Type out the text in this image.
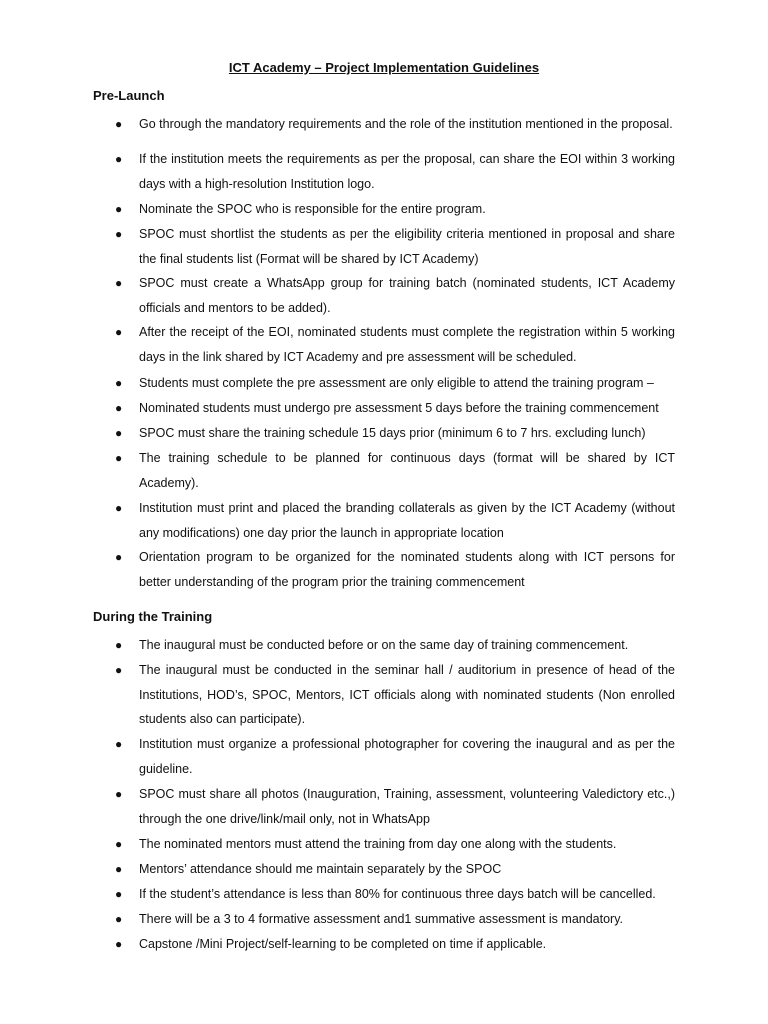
ICT Academy – Project Implementation Guidelines
Pre-Launch
● Go through the mandatory requirements and the role of the institution mentioned in the proposal.
● If the institution meets the requirements as per the proposal, can share the EOI within 3 working days with a high-resolution Institution logo.
● Nominate the SPOC who is responsible for the entire program.
● SPOC must shortlist the students as per the eligibility criteria mentioned in proposal and share the final students list (Format will be shared by ICT Academy)
● SPOC must create a WhatsApp group for training batch (nominated students, ICT Academy officials and mentors to be added).
● After the receipt of the EOI, nominated students must complete the registration within 5 working days in the link shared by ICT Academy and pre assessment will be scheduled.
● Students must complete the pre assessment are only eligible to attend the training program –
● Nominated students must undergo pre assessment 5 days before the training commencement
● SPOC must share the training schedule 15 days prior (minimum 6 to 7 hrs. excluding lunch)
● The training schedule to be planned for continuous days (format will be shared by ICT Academy).
● Institution must print and placed the branding collaterals as given by the ICT Academy (without any modifications) one day prior the launch in appropriate location
● Orientation program to be organized for the nominated students along with ICT persons for better understanding of the program prior the training commencement
During the Training
● The inaugural must be conducted before or on the same day of training commencement.
● The inaugural must be conducted in the seminar hall / auditorium in presence of head of the Institutions, HOD’s, SPOC, Mentors, ICT officials along with nominated students (Non enrolled students also can participate).
● Institution must organize a professional photographer for covering the inaugural and as per the guideline.
● SPOC must share all photos (Inauguration, Training, assessment, volunteering Valedictory etc.,) through the one drive/link/mail only, not in WhatsApp
● The nominated mentors must attend the training from day one along with the students.
● Mentors’ attendance should me maintain separately by the SPOC
● If the student’s attendance is less than 80% for continuous three days batch will be cancelled.
● There will be a 3 to 4 formative assessment and1 summative assessment is mandatory.
● Capstone /Mini Project/self-learning to be completed on time if applicable.
